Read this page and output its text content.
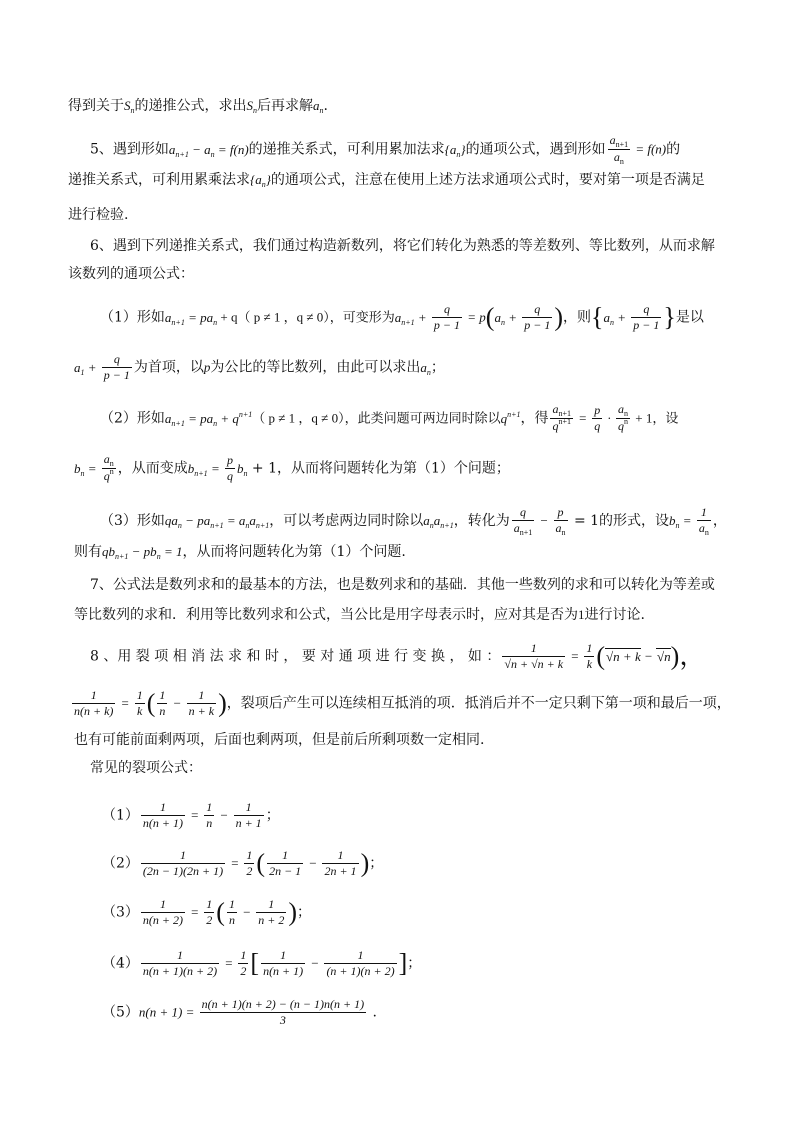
得到关于$S_n$的递推公式，求出$S_n$后再求解$a_n$.
5、遇到形如$a_{n+1} - a_n = f(n)$的递推关系式，可利用累加法求$\{a_n\}$的通项公式，遇到形如 $\frac{a_{n+1}}{a_n} = f(n)$的
递推关系式，可利用累乘法求$\{a_n\}$的通项公式，注意在使用上述方法求通项公式时，要对第一项是否满足
进行检验.
6、遇到下列递推关系式，我们通过构造新数列，将它们转化为熟悉的等差数列、等比数列，从而求解
该数列的通项公式：
（1）形如$a_{n+1} = pa_n + q$（ p ≠ 1 ，q ≠ 0），可变形为$a_{n+1} + \frac{q}{p - 1} = p(a_n + \frac{q}{p - 1}$ )，则{$a_n + \frac{q}{p - 1}$ }是以
$a_1 + \frac{q}{p - 1}$ 为首项，以p为公比的等比数列，由此可以求出$a_n$；
（2）形如$a_{n+1} = pa_n + q^{n+1}$（ p ≠ 1 ，q ≠ 0），此类问题可两边同时除以$q^{n+1}$，得 $\frac{a_{n+1}}{q^{n+1}} = \frac{p}{q} \cdot \frac{a_n}{q^n} + 1$，设
$b_n = \frac{a_n}{q^n}$ ，从而变成$b_{n+1} = \frac{p}{q} b_n + 1$，从而将问题转化为第（1）个问题；
（3）形如$qa_n - pa_{n+1} = a_na_{n+1}$，可以考虑两边同时除以$a_na_{n+1}$，转化为 $\frac{q}{a_{n+1}} - \frac{p}{a_n} = 1$的形式，设$b_n = \frac{1}{a_n}$ ，
则有$qb_{n+1} - pb_n = 1$，从而将问题转化为第（1）个问题.
7、公式法是数列求和的最基本的方法，也是数列求和的基础．其他一些数列的求和可以转化为等差或
等比数列的求和．利用等比数列求和公式，当公比是用字母表示时，应对其是否为1进行讨论.
8 、用 裂 项 相 消 法 求 和 时 ， 要 对 通 项 进 行 变 换 ， 如 ： $\frac{1}{√n + √n + k} = \frac{1}{k} (√n + k - √n)$，
$\frac{1}{n(n + k)} = \frac{1}{k}$ ( $\frac{1}{n} - \frac{1}{n + k}$ )，裂项后产生可以连续相互抵消的项．抵消后并不一定只剩下第一项和最后一项，
也有可能前面剩两项，后面也剩两项，但是前后所剩项数一定相同.
常见的裂项公式：
$(1) \frac{1}{n(n + 1)} = \frac{1}{n} - \frac{1}{n + 1}$ ；
$(2) \frac{1}{(2n - 1)(2n + 1)} = \frac{1}{2}$ ( $\frac{1}{2n - 1} - \frac{1}{2n + 1}$ )；
$(3) \frac{1}{n(n + 2)} = \frac{1}{2}$ ( $\frac{1}{n} - \frac{1}{n + 2}$ )；
$(4) \frac{1}{n(n + 1)(n + 2)} = \frac{1}{2}$ [ $\frac{1}{n(n + 1)} - \frac{1}{(n + 1)(n + 2)}$ ]；
$(5)n(n + 1) = \frac{n(n + 1)(n + 2) - (n - 1)n(n + 1)}{3}$ .
